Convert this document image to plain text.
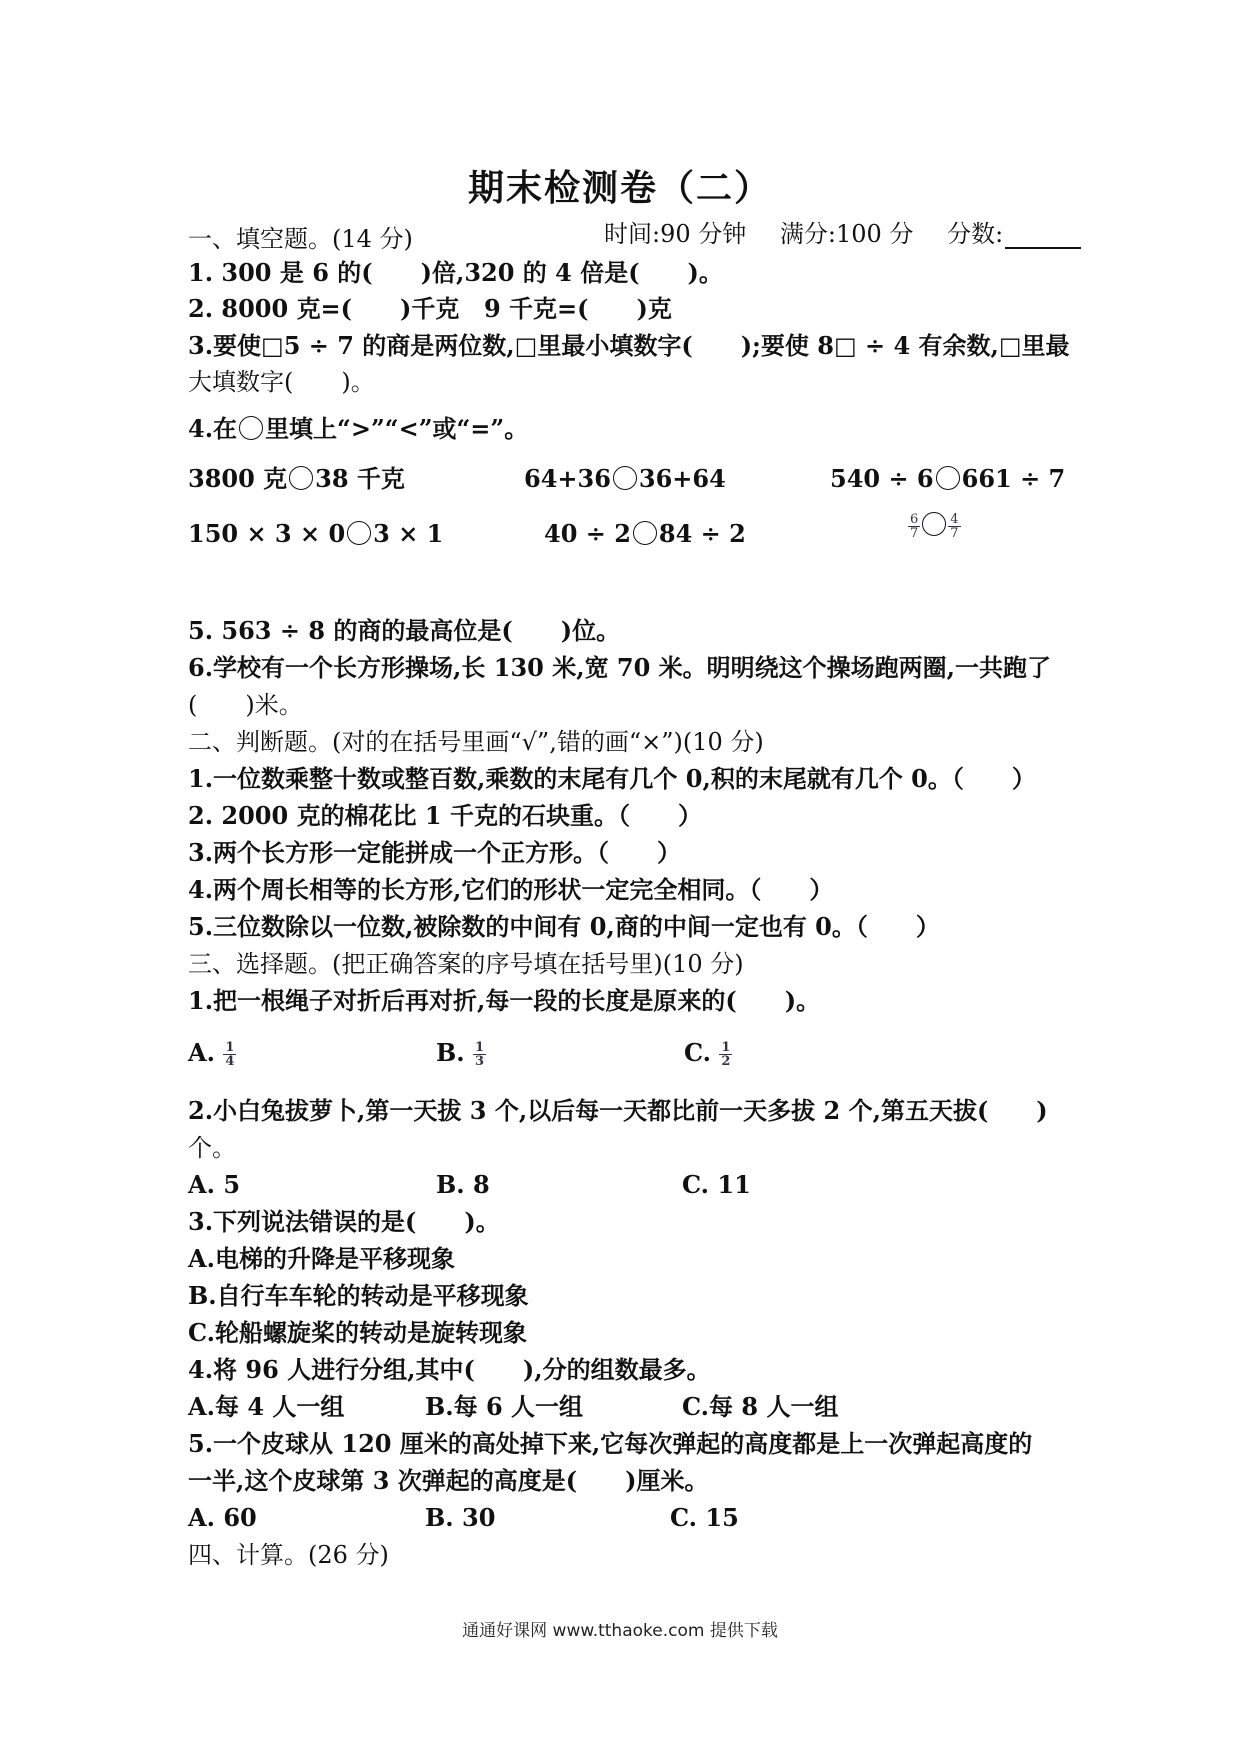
期末检测卷（二）
时间:90 分钟 满分:100 分 分数:
一、填空题。(14 分)
1. 300 是 6 的(　　)倍,320 的 4 倍是(　　)。
2. 8000 克=(　　)千克 9 千克=(　　)克
3.要使□5 ÷ 7 的商是两位数,□里最小填数字(　　);要使 8□ ÷ 4 有余数,□里最
大填数字(　　)。
4.在 里填上“>”“<”或“=”。
3800 克 38 千克	64+36 36+64	540 ÷ 6 661 ÷ 7
150 × 3 × 0 3 × 1	40 ÷ 2 84 ÷ 2	$\frac{6}{7} \frac{4}{7}$
5. 563 ÷ 8 的商的最高位是(　　)位。
6.学校有一个长方形操场,长 130 米,宽 70 米。明明绕这个操场跑两圈,一共跑了
(　　)米。
二、判断题。(对的在括号里画“√”,错的画“×”)(10 分)
1.一位数乘整十数或整百数,乘数的末尾有几个 0,积的末尾就有几个 0。（　　）
2. 2000 克的棉花比 1 千克的石块重。（　　）
3.两个长方形一定能拼成一个正方形。（　　）
4.两个周长相等的长方形,它们的形状一定完全相同。（　　）
5.三位数除以一位数,被除数的中间有 0,商的中间一定也有 0。（　　）
三、选择题。(把正确答案的序号填在括号里)(10 分)
1.把一根绳子对折后再对折,每一段的长度是原来的(　　)。
A. $\frac{1}{4}$	B. $\frac{1}{3}$	C. $\frac{1}{2}$
2.小白兔拔萝卜,第一天拔 3 个,以后每一天都比前一天多拔 2 个,第五天拔(　　)
个。
A. 5	B. 8	C. 11
3.下列说法错误的是(　　)。
A.电梯的升降是平移现象
B.自行车车轮的转动是平移现象
C.轮船螺旋桨的转动是旋转现象
4.将 96 人进行分组,其中(　　),分的组数最多。
A.每 4 人一组	B.每 6 人一组	C.每 8 人一组
5.一个皮球从 120 厘米的高处掉下来,它每次弹起的高度都是上一次弹起高度的
一半,这个皮球第 3 次弹起的高度是(　　)厘米。
A. 60	B. 30	C. 15
四、计算。(26 分)
通通好课网 www.tthaoke.com 提供下载
